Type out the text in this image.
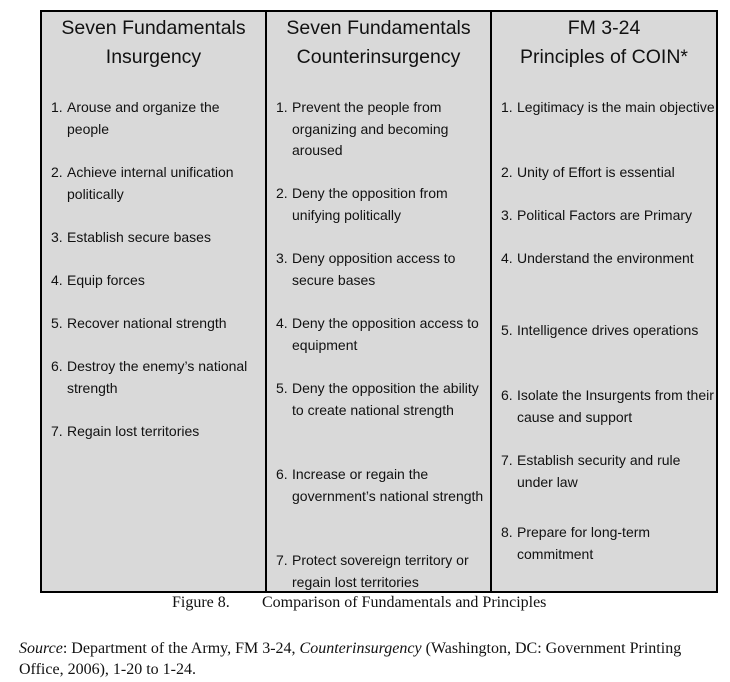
Seven Fundamentals
Insurgency
1. Arouse and organize the people
2. Achieve internal unification politically
3. Establish secure bases
4. Equip forces
5. Recover national strength
6. Destroy the enemy’s national strength
7. Regain lost territories
Seven Fundamentals
Counterinsurgency
1. Prevent the people from organizing and becoming aroused
2. Deny the opposition from unifying politically
3. Deny opposition access to secure bases
4. Deny the opposition access to equipment
5. Deny the opposition the ability to create national strength
6. Increase or regain the government’s national strength
7. Protect sovereign territory or regain lost territories
FM 3-24
Principles of COIN*
1. Legitimacy is the main objective
2. Unity of Effort is essential
3. Political Factors are Primary
4. Understand the environment
5. Intelligence drives operations
6. Isolate the Insurgents from their cause and support
7. Establish security and rule under law
8. Prepare for long-term commitment
Figure 8. Comparison of Fundamentals and Principles
Source: Department of the Army, FM 3-24, Counterinsurgency (Washington, DC: Government Printing Office, 2006), 1-20 to 1-24.
